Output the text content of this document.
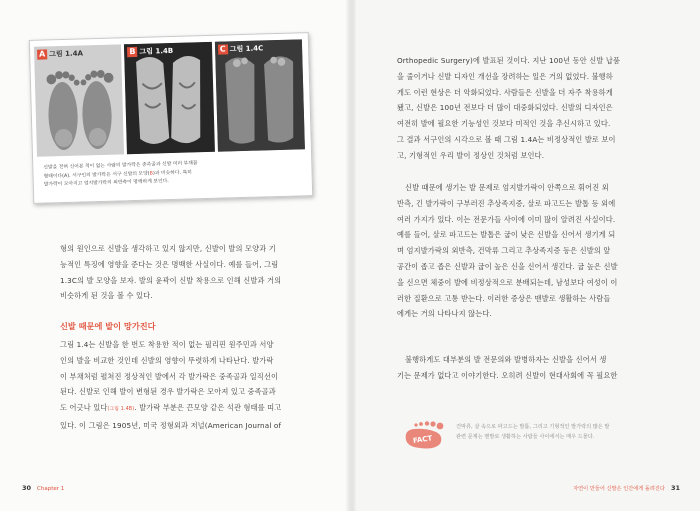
A 그림 1.4A	B 그림 1.4B	C 그림 1.4C
신발을 전혀 신어본 적이 없는 사람의 발가락은 중족골과 신발 미러 부채꼴
형태이다(A). 서구인의 발가락은 서구 신발의 모양(B)과 비슷하다. 특히
발가락이 모아지고 엄지발가락의 외반측이 명백하게 보인다.

형의 원인으로 신발을 생각하고 있지 않지만, 신발이 발의 모양과 기

능적인 특징에 영향을 준다는 것은 명백한 사실이다. 예를 들어, 그림

1.3C의 발 모양을 보자. 발의 윤곽이 신발 착용으로 인해 신발과 거의

비슷하게 된 것을 볼 수 있다.

신발 때문에 발이 망가진다

그림 1.4는 신발을 한 번도 착용한 적이 없는 필리핀 원주민과 서양

인의 발을 비교한 것인데 신발의 영향이 뚜렷하게 나타난다. 발가락

이 부채처럼 펼쳐진 정상적인 발에서 각 발가락은 중족골과 일직선이

된다. 신발로 인해 발이 변형된 경우 발가락은 모아져 있고 중족골과

도 어긋나 있다(그림 1.4B). 발가락 부분은 끈모양 같은 석관 형태를 띠고

있다. 이 그림은 1905년, 미국 정형외과 저널(American Journal of

Orthopedic Surgery)에 발표된 것이다. 지난 100년 동안 신발 납품

을 줄이거나 신발 디자인 개선을 장려하는 일은 거의 없었다. 불행하

게도 이런 현상은 더 악화되었다. 사람들은 신발을 더 자주 착용하게

됐고, 신발은 100년 전보다 더 많이 대중화되었다. 신발의 디자인은

여전히 발에 필요한 기능성인 것보다 미적인 것을 추신시하고 있다.

그 결과 서구인의 시각으로 볼 때 그림 1.4A는 비정상적인 발로 보이

고, 기형적인 우리 발이 정상인 것처럼 보인다.

신발 때문에 생기는 발 문제로 엄지발가락이 안쪽으로 휘어진 외

반측, 긴 발가락이 구부러진 추상족지증, 살로 파고드는 발톱 등 외에

여러 가지가 있다. 이는 전문가들 사이에 이미 많이 알려진 사실이다.

예를 들어, 살로 파고드는 발톱은 굽이 낮은 신발을 신어서 생기게 되

며 엄지발가락의 외반측, 건막류 그리고 추상족지증 등은 신발의 앞

공간이 좁고 좁은 신발과 굽이 높은 신을 신어서 생긴다. 굽 높은 신발

을 신으면 체중이 발에 비정상적으로 분배되는데, 남성보다 여성이 이

러한 질환으로 고통 받는다. 이러한 증상은 맨발로 생활하는 사람들

에게는 거의 나타나지 않는다.

불행하게도 대부분의 발 전문의와 발병하자는 신발을 신어서 생

기는 문제가 없다고 이야기한다. 오히려 신발이 현대사회에 꼭 필요한

FACT
건막류, 살 속으로 파고드는 발톱, 그리고 기형적인 발가락의 많은 발
관련 문제는 맨발로 생활하는 사람들 사이에서는 매우 드물다.
30 Chapter 1	자연이 만들어 신발은 인간에게 돌려진다 31
